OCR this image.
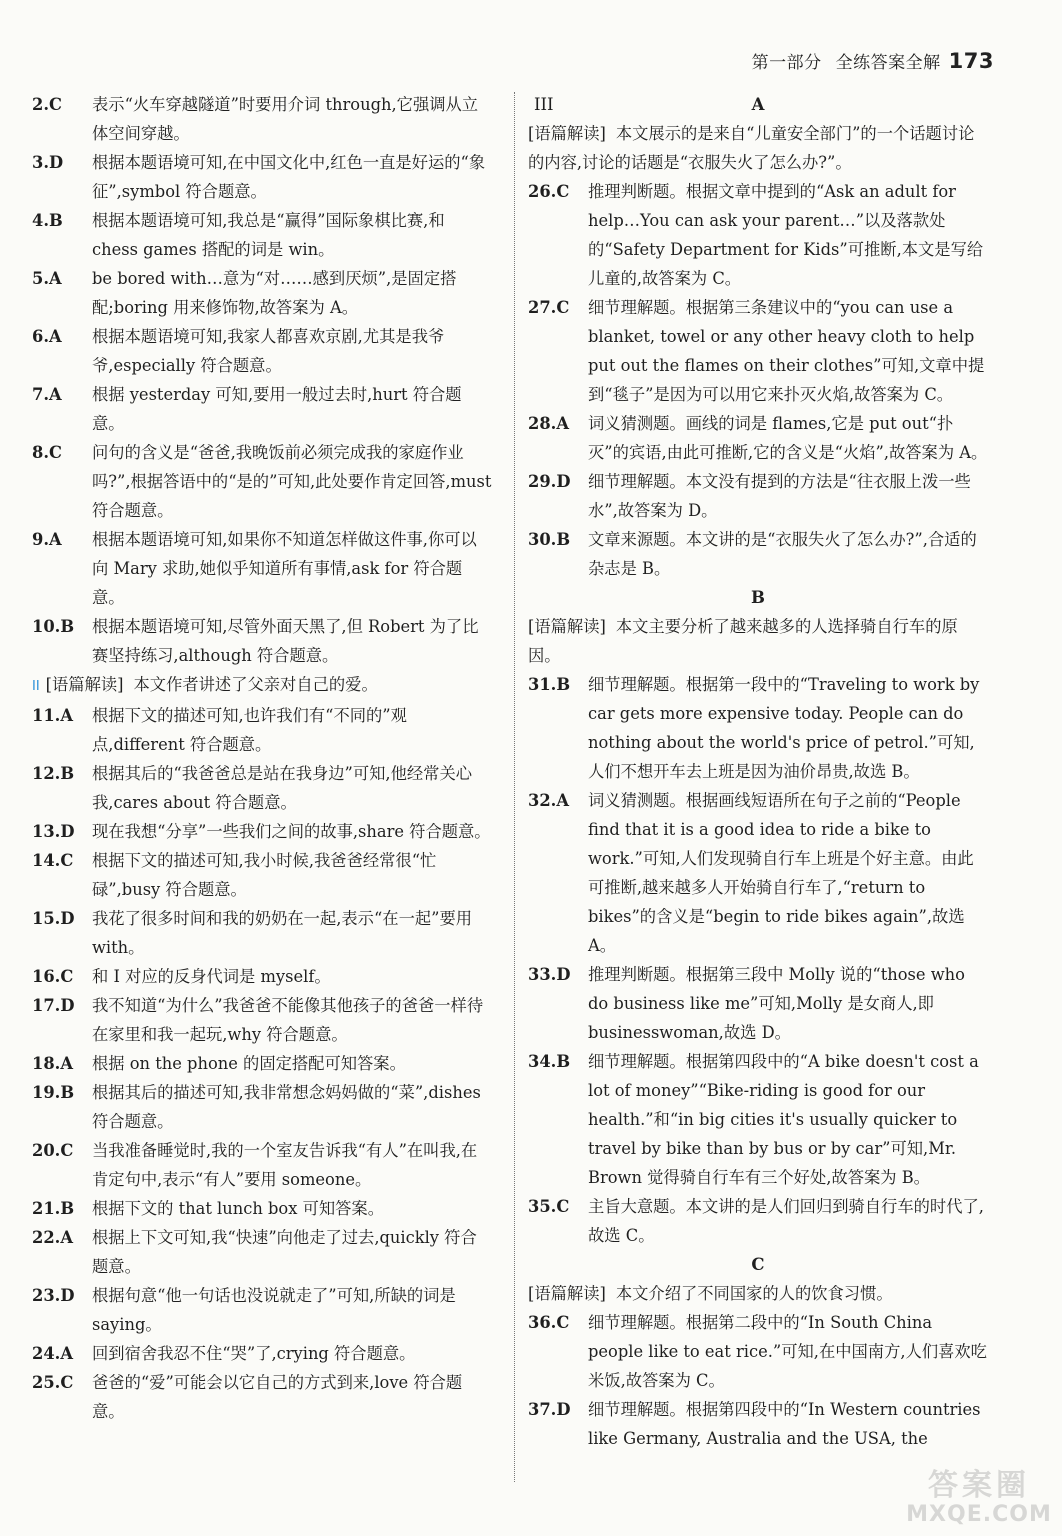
第一部分 全练答案全解 173

2.C 表示“火车穿越隧道”时要用介词 through,它强调从立体空间穿越。

3.D 根据本题语境可知,在中国文化中,红色一直是好运的“象征”,symbol 符合题意。

4.B 根据本题语境可知,我总是“赢得”国际象棋比赛,和 chess games 搭配的词是 win。

5.A be bored with…意为“对……感到厌烦”,是固定搭配;boring 用来修饰物,故答案为 A。

6.A 根据本题语境可知,我家人都喜欢京剧,尤其是我爷爷,especially 符合题意。

7.A 根据 yesterday 可知,要用一般过去时,hurt 符合题意。

8.C 问句的含义是“爸爸,我晚饭前必须完成我的家庭作业吗?”,根据答语中的“是的”可知,此处要作肯定回答,must 符合题意。

9.A 根据本题语境可知,如果你不知道怎样做这件事,你可以向 Mary 求助,她似乎知道所有事情,ask for 符合题意。

10.B 根据本题语境可知,尽管外面天黑了,但 Robert 为了比赛坚持练习,although 符合题意。

II [语篇解读] 本文作者讲述了父亲对自己的爱。

11.A 根据下文的描述可知,也许我们有“不同的”观点,different 符合题意。

12.B 根据其后的“我爸爸总是站在我身边”可知,他经常关心我,cares about 符合题意。

13.D 现在我想“分享”一些我们之间的故事,share 符合题意。

14.C 根据下文的描述可知,我小时候,我爸爸经常很“忙碌”,busy 符合题意。

15.D 我花了很多时间和我的奶奶在一起,表示“在一起”要用 with。

16.C 和 I 对应的反身代词是 myself。

17.D 我不知道“为什么”我爸爸不能像其他孩子的爸爸一样待在家里和我一起玩,why 符合题意。

18.A 根据 on the phone 的固定搭配可知答案。

19.B 根据其后的描述可知,我非常想念妈妈做的“菜”,dishes 符合题意。

20.C 当我准备睡觉时,我的一个室友告诉我“有人”在叫我,在肯定句中,表示“有人”要用 someone。

21.B 根据下文的 that lunch box 可知答案。

22.A 根据上下文可知,我“快速”向他走了过去,quickly 符合题意。

23.D 根据句意“他一句话也没说就走了”可知,所缺的词是 saying。

24.A 回到宿舍我忍不住“哭”了,crying 符合题意。

25.C 爸爸的“爱”可能会以它自己的方式到来,love 符合题意。

III	A

[语篇解读] 本文展示的是来自“儿童安全部门”的一个话题讨论的内容,讨论的话题是“衣服失火了怎么办?”。

26.C 推理判断题。根据文章中提到的“Ask an adult for help…You can ask your parent…”以及落款处的“Safety Department for Kids”可推断,本文是写给儿童的,故答案为 C。

27.C 细节理解题。根据第三条建议中的“you can use a blanket, towel or any other heavy cloth to help put out the flames on their clothes”可知,文章中提到“毯子”是因为可以用它来扑灭火焰,故答案为 C。

28.A 词义猜测题。画线的词是 flames,它是 put out“扑灭”的宾语,由此可推断,它的含义是“火焰”,故答案为 A。

29.D 细节理解题。本文没有提到的方法是“往衣服上泼一些水”,故答案为 D。

30.B 文章来源题。本文讲的是“衣服失火了怎么办?”,合适的杂志是 B。

B

[语篇解读] 本文主要分析了越来越多的人选择骑自行车的原因。

31.B 细节理解题。根据第一段中的“Traveling to work by car gets more expensive today. People can do nothing about the world's price of petrol.”可知,人们不想开车去上班是因为油价昂贵,故选 B。

32.A 词义猜测题。根据画线短语所在句子之前的“People find that it is a good idea to ride a bike to work.”可知,人们发现骑自行车上班是个好主意。由此可推断,越来越多人开始骑自行车了,“return to bikes”的含义是“begin to ride bikes again”,故选 A。

33.D 推理判断题。根据第三段中 Molly 说的“those who do business like me”可知,Molly 是女商人,即 businesswoman,故选 D。

34.B 细节理解题。根据第四段中的“A bike doesn't cost a lot of money”“Bike-riding is good for our health.”和“in big cities it's usually quicker to travel by bike than by bus or by car”可知,Mr. Brown 觉得骑自行车有三个好处,故答案为 B。

35.C 主旨大意题。本文讲的是人们回归到骑自行车的时代了,故选 C。

C

[语篇解读] 本文介绍了不同国家的人的饮食习惯。

36.C 细节理解题。根据第二段中的“In South China people like to eat rice.”可知,在中国南方,人们喜欢吃米饭,故答案为 C。

37.D 细节理解题。根据第四段中的“In Western countries like Germany, Australia and the USA, the

答案圈
MXQE.COM
